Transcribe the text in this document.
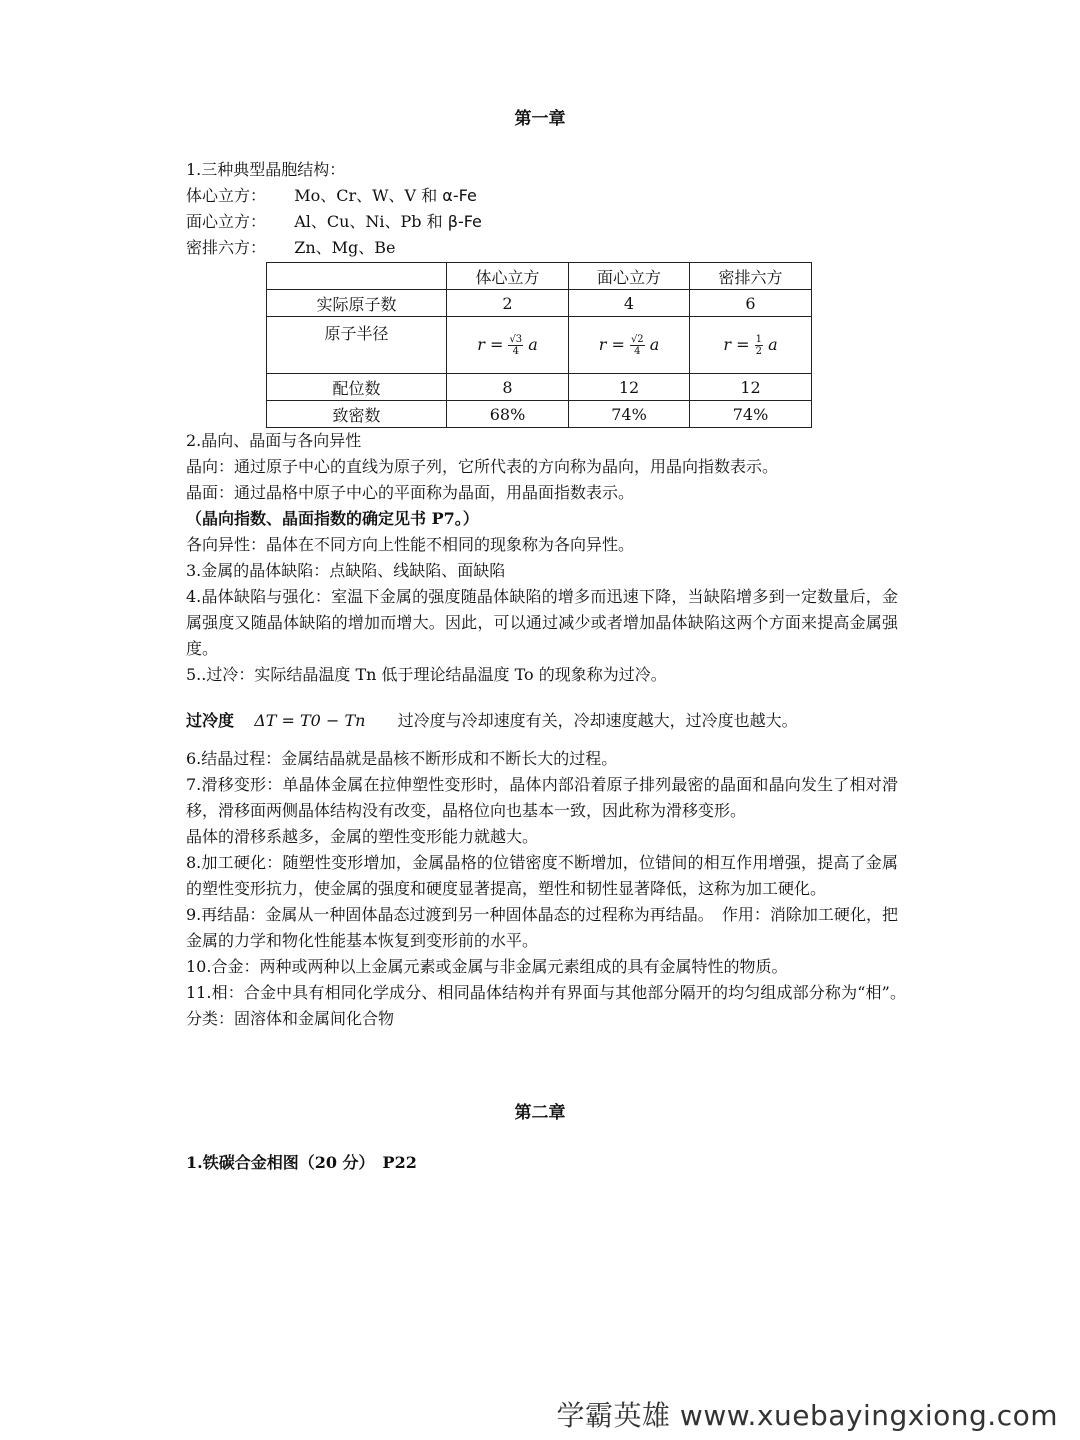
第一章
1.三种典型晶胞结构：
体心立方： Mo、Cr、W、V 和 α-Fe
面心立方： Al、Cu、Ni、Pb 和 β-Fe
密排六方： Zn、Mg、Be
	体心立方	面心立方	密排六方
实际原子数	2	4	6
原子半径	$r = \frac{√3}{4}$ a	$r = \frac{√2}{4}$ a	$r = \frac{1}{2}$ a
配位数	8	12	12
致密数	68%	74%	74%
2.晶向、晶面与各向异性
晶向：通过原子中心的直线为原子列，它所代表的方向称为晶向，用晶向指数表示。
晶面：通过晶格中原子中心的平面称为晶面，用晶面指数表示。
（晶向指数、晶面指数的确定见书 P7。）
各向异性：晶体在不同方向上性能不相同的现象称为各向异性。
3.金属的晶体缺陷：点缺陷、线缺陷、面缺陷
4.晶体缺陷与强化：室温下金属的强度随晶体缺陷的增多而迅速下降，当缺陷增多到一定数量后，金属强度又随晶体缺陷的增加而增大。因此，可以通过减少或者增加晶体缺陷这两个方面来提高金属强度。
5..过冷：实际结晶温度 Tn 低于理论结晶温度 To 的现象称为过冷。
过冷度 ΔT = T0 − Tn 过冷度与冷却速度有关，冷却速度越大，过冷度也越大。
6.结晶过程：金属结晶就是晶核不断形成和不断长大的过程。
7.滑移变形：单晶体金属在拉伸塑性变形时，晶体内部沿着原子排列最密的晶面和晶向发生了相对滑移，滑移面两侧晶体结构没有改变，晶格位向也基本一致，因此称为滑移变形。
晶体的滑移系越多，金属的塑性变形能力就越大。
8.加工硬化：随塑性变形增加，金属晶格的位错密度不断增加，位错间的相互作用增强，提高了金属的塑性变形抗力，使金属的强度和硬度显著提高，塑性和韧性显著降低，这称为加工硬化。
9.再结晶：金属从一种固体晶态过渡到另一种固体晶态的过程称为再结晶。　作用：消除加工硬化，把金属的力学和物化性能基本恢复到变形前的水平。
10.合金：两种或两种以上金属元素或金属与非金属元素组成的具有金属特性的物质。
11.相：合金中具有相同化学成分、相同晶体结构并有界面与其他部分隔开的均匀组成部分称为“相”。　　分类：固溶体和金属间化合物
第二章
1.铁碳合金相图（20 分）　P22
学霸英雄 www.xuebayingxiong.com
